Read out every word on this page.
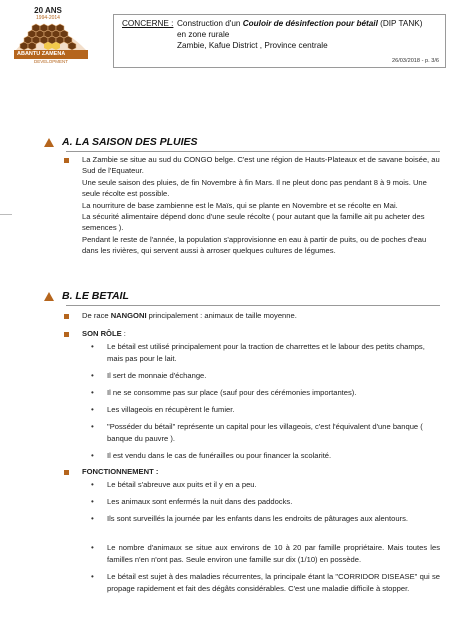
20 ANS
1994-2014
ABANTU ZAMENA
DEVELOPMENT
CONCERNE : Construction d'un Couloir de désinfection pour bétail (DIP TANK)
en zone rurale
Zambie, Kafue District , Province centrale
26/03/2018 - p. 3/6
A. LA SAISON DES PLUIES

La Zambie se situe au sud du CONGO belge. C'est une région de Hauts-Plateaux et de savane boisée, au Sud de l'Equateur.

Une seule saison des pluies, de fin Novembre à fin Mars. Il ne pleut donc pas pendant 8 à 9 mois. Une seule récolte est possible.

La nourriture de base zambienne est le Maïs, qui se plante en Novembre et se récolte en Mai.

La sécurité alimentaire dépend donc d'une seule récolte ( pour autant que la famille ait pu acheter des semences ).

Pendant le reste de l'année, la population s'approvisionne en eau à partir de puits, ou de poches d'eau dans les rivières, qui servent aussi à arroser quelques cultures de légumes.

B. LE BETAIL
De race NANGONI principalement : animaux de taille moyenne.
SON RÔLE :
• Le bétail est utilisé principalement pour la traction de charrettes et le labour des petits champs, mais pas pour le lait.
• Il sert de monnaie d'échange.
• Il ne se consomme pas sur place (sauf pour des cérémonies importantes).
• Les villageois en récupèrent le fumier.
• "Posséder du bétail" représente un capital pour les villageois, c'est l'équivalent d'une banque ( banque du pauvre ).
• Il est vendu dans le cas de funérailles ou pour financer la scolarité.
FONCTIONNEMENT :
• Le bétail s'abreuve aux puits et il y en a peu.
• Les animaux sont enfermés la nuit dans des paddocks.
• Ils sont surveillés la journée par les enfants dans les endroits de pâturages aux alentours.
• Le nombre d'animaux se situe aux environs de 10 à 20 par famille propriétaire. Mais toutes les familles n'en n'ont pas. Seule environ une famille sur dix (1/10) en possède.
• Le bétail est sujet à des maladies récurrentes, la principale étant la "CORRIDOR DISEASE" qui se propage rapidement et fait des dégâts considérables. C'est une maladie difficile à stopper.
